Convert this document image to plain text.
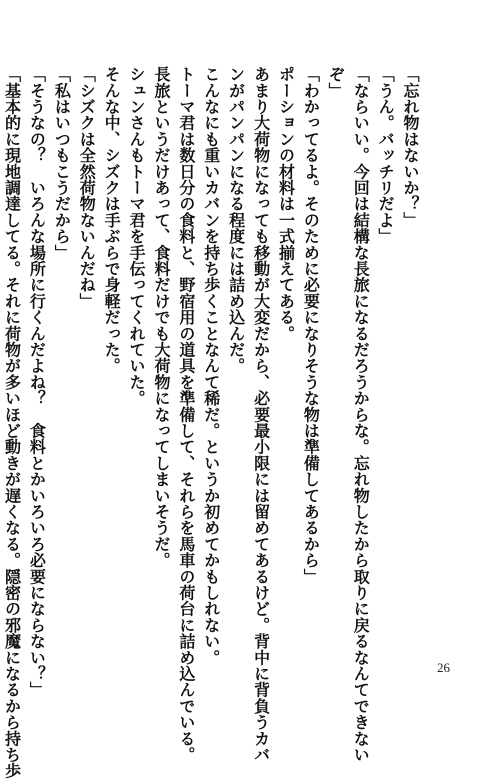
「忘れ物はないか？」
「うん。バッチリだよ」
「ならいい。今回は結構な長旅になるだろうからな。忘れ物したから取りに戻るなんてできない
ぞ」
「わかってるよ。そのために必要になりそうな物は準備してあるから」
ポーションの材料は一式揃えてある。
あまり大荷物になっても移動が大変だから、必要最小限には留めてあるけど。背中に背負うカバ
ンがパンパンになる程度には詰め込んだ。
こんなにも重いカバンを持ち歩くことなんて稀だ。というか初めてかもしれない。
トーマ君は数日分の食料と、野宿用の道具を準備して、それらを馬車の荷台に詰め込んでいる。
長旅というだけあって、食料だけでも大荷物になってしまいそうだ。
シュンさんもトーマ君を手伝ってくれていた。
そんな中、シズクは手ぶらで身軽だった。
「シズクは全然荷物ないんだね」
「私はいつもこうだから」
「そうなの？　いろんな場所に行くんだよね？　食料とかいろいろ必要にならない？」
「基本的に現地調達してる。それに荷物が多いほど動きが遅くなる。隠密の邪魔になるから持ち歩	26
